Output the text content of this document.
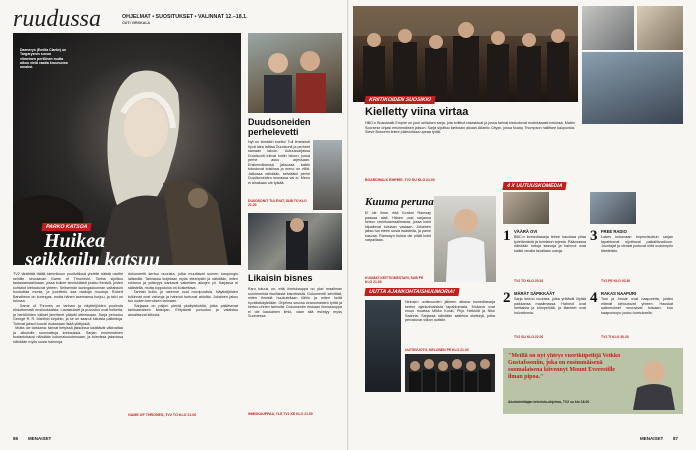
ruudussa	OHJELMAT • SUOSITUKSET • VALINNAT 12.–18.1.
OUTI VIRKKALA
Daenerys (Emilia Clarke) on Targaryenin suvun viimeinen perillinen mutta aikoo vielä vaatia kruununsa omaksi.
PARKO KATSOA
Huikea
seikkailu katsuu
TV2 tärähtää täällä tammikuun puolivälissä yhdelle näistä useille seinille seuraavan Game of Thronesin. Tarina sijoittuu fantasiamaailmaan, jossa kulkee sinnikkäästi joukko ihmisiä, joiden kohtalot kietoutuvat yhteen. Seitsemän kuningaskunnan valtaistuin houkuttaa monia, ja juonittelu saa raakoja muotoja. Robert Baratheon on kuningas, mutta hänen asemansa horjuu, ja talvi on tulossa.
Game of Thrones on tarinan ja näyttelijöiden puolesta ehdottomasti ensiluokkaista. Lavastukset ja puvustus ovat huikeita, ja henkilöiden väliset jännitteet pitävät otteessaan. Sarja perustuu George R. R. Martinin kirjoihin, ja se on saanut lukuisia palkintoja. Tulevat jaksot tuovat mukanaan lisää yllätyksiä.
Mutta ole tarkkana: tarinat tietyissä jaksoissa sisältävät väkivaltaa ja aikuisille suunnattuja kohtauksia. Sarjan ensimmäinen tuotantokausi nähdään kokonaisuudessaan, ja tulevissa jaksoissa nähdään myös uusia hahmoja.
dokumentti kertoo nuorista, jotka muuttavat suuren kaupungin laitamille. Tarinassa kuljetaan myös eteenpäin ja nähdään, miten rohkeus ja ystävyys kantavat vaikeiden aikojen yli. Sarjassa ei säästellä, mutta lopputulos on koskettava.
Tarinan kulku ja rakenne ovat monipuolisia. Näyttelijöiden tulkinnat ovat vahvoja ja hahmot tuntuvat aidoilta. Jokainen jakso tuo uuden kerroksen tarinaan.
Sarjassa on paljon pieniä yksityiskohtia, jotka palkitsevat tarkkaavaisen katsojan. Erityisesti puvustus ja valaistus ansaitsevat kiitosta.
GAME OF THRONES, TV2 TO KLO 21.00
Duudsoneiden
perhelevetti
Nyt on tämäkin koettu! Tuli ilmeisesti hyvä idea laittaa Duudsonit ja perheet samaan taloon. Uutuussarjassa Duudsonit tulivat kotiin taloon, jossa perhe asuu arjessaan. Ensimmäisessä jaksossa kaikki tutustuvat toisiinsa ja meno on villiä. Jatkossa nähdään, selviääkö perhe Duudsoneiden seurassa vai ei. Meno ei ainakaan ole tylsää.
DUUDSONIT TULEVAT, SUB TO KLO 21.00
Likaisin bisnes
Karu totuus on, että ihmiskauppa on yksi maailman suurimmista rikollisista bisneksistä. Dokumentti selvittää, miten ihmisiä houkutellaan töihin ja miten heitä hyväksikäytetään. Ohjelma seuraa viranomaisten työtä ja kertoo uhrien tarinoita. Dokumentin mukaan ihmiskauppa ei ole kaukainen ilmiö, vaan sitä esiintyy myös Suomessa.
IHMISKAUPPAA, YLE TV1 KE KLO 21.00
86 MENAISET
KRIITIKOIDEN SUOSIKKI
Kielletty viina virtaa
HBO:n Boardwalk Empire on juuri sellainen sarja, jota kriitikot rakastavat ja jossa tarinat kietoutuvat mutkikkaasti toisiinsa. Martin Scorsese ohjasi ensimmäisen jakson. Sarja sijoittuu kieltolain aikaan Atlantic Cityyn, jossa Nucky Thompson hallitsee kaupunkia. Steve Buscemi tekee pääroolissa upeaa työtä.
BOARDWALK EMPIRE, TV2 SU KLO 21.00
4 X UUTUUSKOMEDIA
Kuuma peruna
Ei ole ihme, että Gordon Ramsay paasaa alati. Hänen uusi sarjansa kertoo ravintolamaailmasta, jossa kokit kilpailevat toisiaan vastaan. Jokainen jakso tuo eteen uusia haasteita, ja paine kasvaa. Ramsayn tiukka ote pitää kokit varpaillaan.
KUUMAT KEITTIÖMESTARI, SUB PE KLO 21.00
UUTTA AJANKOHTAISHUUMORIA!
Nelosen uutisvuoden jälkeen alkava komediasarja kertoo ajankohtaisista tapahtumista. Mukana ovat muun muassa Mikko Kouki, Pirjo Heikkilä ja Niko Saarela. Sarjassa nähdään satiirisia sketsejä, jotka perustuvat viikon uutisiin.
UUTISVUOTO, NELONEN PE KLO 21.00
1 VÄÄRÄ OVI
BBC:n komediasarja tekee hauskaa pilaa työelämästä ja toimiston arjesta. Pääosassa nähdään tuttuja kasvoja ja hahmot ovat kaikki omalla tavallaan outoja.
TV2 TO KLO 20.30
2 MÄRÄT SÄPIKKÄÄT
Sarja kertoo nuorista, jotka yrittävät löytää paikkansa maailmassa. Hahmot ovat herttaisia ja kömpelöitä, ja tilanteet ovat hulvattomia.
TV2 SU KLO 22.00
3 FREE RADIO
Lahes kokonaan improvisoidun sarjan tapahtumat sijoittuvat paikallisradioon. Juontajat ja vieraat joutuvat mitä oudoimpiin tilanteisiin.
TV2 PE KLO 20.30
4 RAKAS NAAPURI
Tom ja Jessie ovat naapureita, joiden elämät kietoutuvat yhteen. Hauskat sattumukset seuraavat toisiaan, kun naapurisopu joutuu koetukselle.
TV2 TI KLO 20.30
"Meillä on nyt yhteys vuorikiipeilijä Veikko Gustafssoniin, joka on ensimmäisenä suomalaisena kiivennyt Mount Everestille ilman pipoa."
Aluetoimittajan televisio-ohjelma, TV2 su klo 18.00
MENAISET 87
